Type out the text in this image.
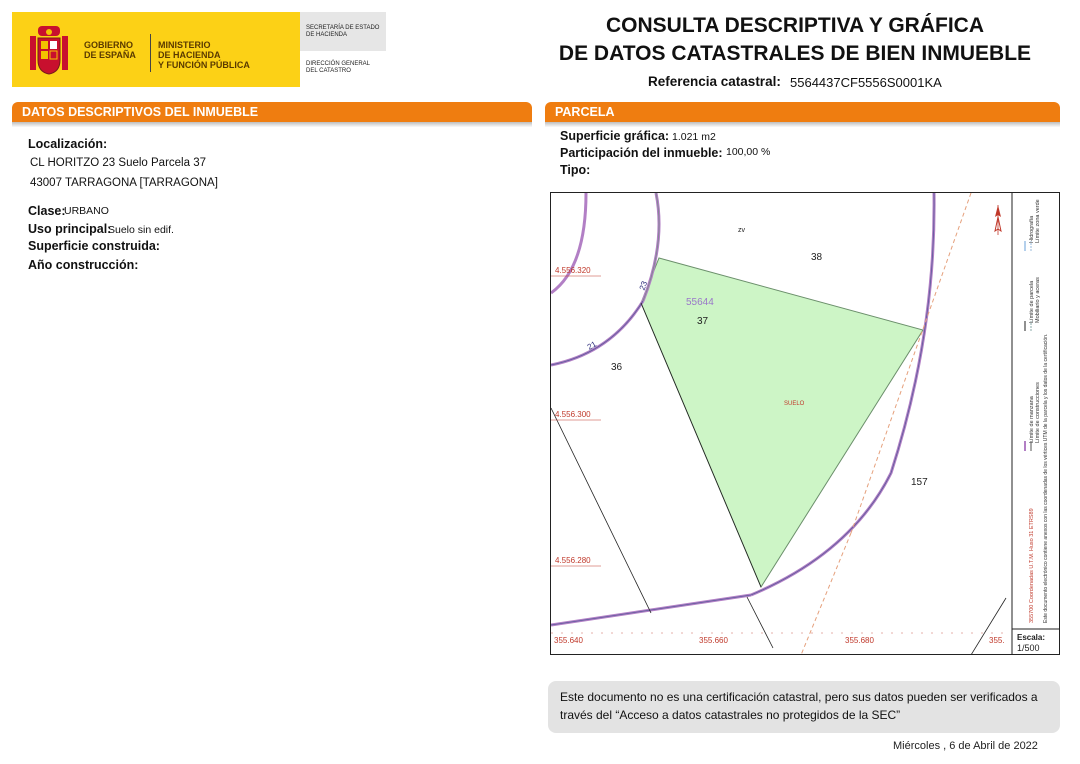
GOBIERNO
DE ESPAÑA
MINISTERIO
DE HACIENDA
Y FUNCIÓN PÚBLICA
SECRETARÍA DE ESTADO
DE HACIENDA
DIRECCIÓN GENERAL
DEL CATASTRO
CONSULTA DESCRIPTIVA Y GRÁFICA
DE DATOS CATASTRALES DE BIEN INMUEBLE
Referencia catastral: 5564437CF5556S0001KA
DATOS DESCRIPTIVOS DEL INMUEBLE
Localización:
CL HORITZO 23 Suelo Parcela 37
43007 TARRAGONA [TARRAGONA]
Clase:
URBANO
Uso principal:
Suelo sin edif.
Superficie construida:
Año construcción:
PARCELA
Superficie gráfica: 1.021 m2
Participación del inmueble: 100,00 %
Tipo:
55644
37
SUELO
zv
38
36
157
23
21
4.556.320
4.556.300
4.556.280
355.640	355.660	355.680	355.
355700 Coordenadas U.T.M. Huso 31 ETRS89
Límite de manzana
Límite de parcela
Límite de construcciones
Mobiliario y aceras
Límite zona verde
Hidrografía
Este documento electrónico contiene anexos con las coordenadas de los vértices UTM de la parcela y los datos de la certificación.
Escala:
1/500
Este documento no es una certificación catastral, pero sus datos pueden ser verificados a través del “Acceso a datos catastrales no protegidos de la SEC”
Miércoles , 6 de Abril de 2022
